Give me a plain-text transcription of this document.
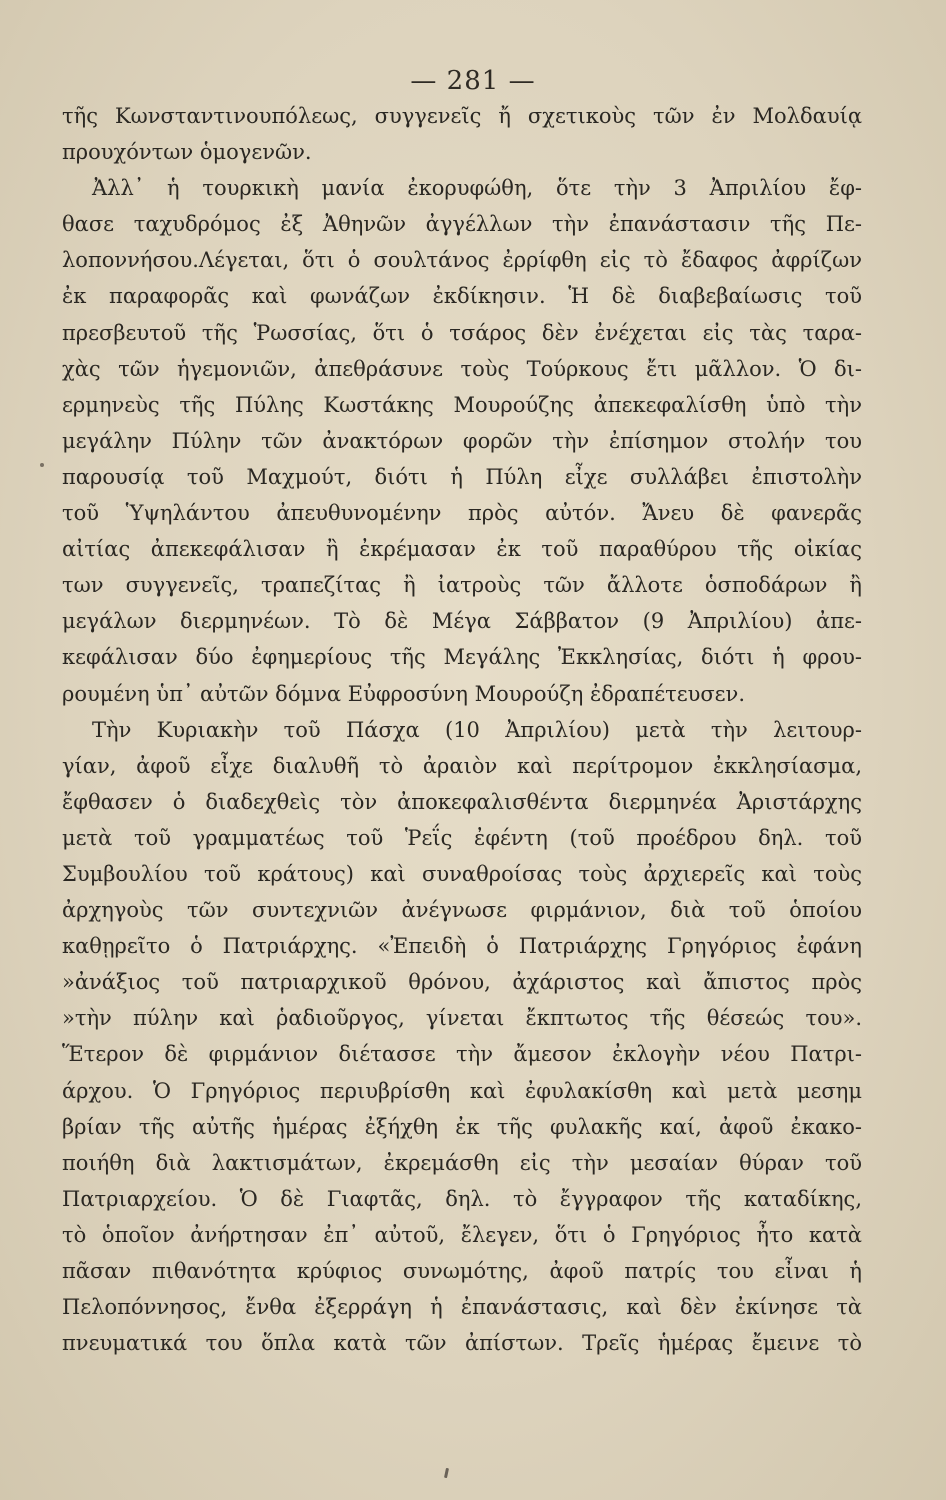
— 281 —
τῆς Κωνσταντινουπόλεως, συγγενεῖς ἤ σχετικοὺς τῶν ἐν Μολδαυίᾳ
προυχόντων ὁμογενῶν.
Ἀλλ᾽ ἡ τουρκικὴ μανία ἐκορυφώθη, ὅτε τὴν 3 Ἀπριλίου ἔφ-
θασε ταχυδρόμος ἐξ Ἀθηνῶν ἀγγέλλων τὴν ἐπανάστασιν τῆς Πε-
λοποννήσου.Λέγεται, ὅτι ὁ σουλτάνος ἐρρίφθη εἰς τὸ ἔδαφος ἀφρίζων
ἐκ παραφορᾶς καὶ φωνάζων ἐκδίκησιν. Ἡ δὲ διαβεβαίωσις τοῦ
πρεσβευτοῦ τῆς Ῥωσσίας, ὅτι ὁ τσάρος δὲν ἐνέχεται εἰς τὰς ταρα-
χὰς τῶν ἡγεμονιῶν, ἀπεθράσυνε τοὺς Τούρκους ἔτι μᾶλλον. Ὁ δι-
ερμηνεὺς τῆς Πύλης Κωστάκης Μουρούζης ἀπεκεφαλίσθη ὑπὸ τὴν
μεγάλην Πύλην τῶν ἀνακτόρων φορῶν τὴν ἐπίσημον στολήν του
παρουσίᾳ τοῦ Μαχμούτ, διότι ἡ Πύλη εἶχε συλλάβει ἐπιστολὴν
τοῦ Ὑψηλάντου ἀπευθυνομένην πρὸς αὐτόν. Ἄνευ δὲ φανερᾶς
αἰτίας ἀπεκεφάλισαν ἢ ἐκρέμασαν ἐκ τοῦ παραθύρου τῆς οἰκίας
των συγγενεῖς, τραπεζίτας ἢ ἰατροὺς τῶν ἄλλοτε ὁσποδάρων ἢ
μεγάλων διερμηνέων. Τὸ δὲ Μέγα Σάββατον (9 Ἀπριλίου) ἀπε-
κεφάλισαν δύο ἐφημερίους τῆς Μεγάλης Ἐκκλησίας, διότι ἡ φρου-
ρουμένη ὑπ᾽ αὐτῶν δόμνα Εὐφροσύνη Μουρούζη ἐδραπέτευσεν.
Τὴν Κυριακὴν τοῦ Πάσχα (10 Ἀπριλίου) μετὰ τὴν λειτουρ-
γίαν, ἀφοῦ εἶχε διαλυθῆ τὸ ἀραιὸν καὶ περίτρομον ἐκκλησίασμα,
ἔφθασεν ὁ διαδεχθεὶς τὸν ἀποκεφαλισθέντα διερμηνέα Ἀριστάρχης
μετὰ τοῦ γραμματέως τοῦ Ῥεΐς ἐφέντη (τοῦ προέδρου δηλ. τοῦ
Συμβουλίου τοῦ κράτους) καὶ συναθροίσας τοὺς ἀρχιερεῖς καὶ τοὺς
ἀρχηγοὺς τῶν συντεχνιῶν ἀνέγνωσε φιρμάνιον, διὰ τοῦ ὁποίου
καθῃρεῖτο ὁ Πατριάρχης. «Ἐπειδὴ ὁ Πατριάρχης Γρηγόριος ἐφάνη
»ἀνάξιος τοῦ πατριαρχικοῦ θρόνου, ἀχάριστος καὶ ἄπιστος πρὸς
»τὴν πύλην καὶ ῥαδιοῦργος, γίνεται ἔκπτωτος τῆς θέσεώς του».
Ἕτερον δὲ φιρμάνιον διέτασσε τὴν ἄμεσον ἐκλογὴν νέου Πατρι-
άρχου. Ὁ Γρηγόριος περιυβρίσθη καὶ ἐφυλακίσθη καὶ μετὰ μεσημ
βρίαν τῆς αὐτῆς ἡμέρας ἐξήχθη ἐκ τῆς φυλακῆς καί, ἀφοῦ ἐκακο-
ποιήθη διὰ λακτισμάτων, ἐκρεμάσθη εἰς τὴν μεσαίαν θύραν τοῦ
Πατριαρχείου. Ὁ δὲ Γιαφτᾶς, δηλ. τὸ ἔγγραφον τῆς καταδίκης,
τὸ ὁποῖον ἀνήρτησαν ἐπ᾽ αὐτοῦ, ἔλεγεν, ὅτι ὁ Γρηγόριος ἦτο κατὰ
πᾶσαν πιθανότητα κρύφιος συνωμότης, ἀφοῦ πατρίς του εἶναι ἡ
Πελοπόννησος, ἔνθα ἐξερράγη ἡ ἐπανάστασις, καὶ δὲν ἐκίνησε τὰ
πνευματικά του ὅπλα κατὰ τῶν ἀπίστων. Τρεῖς ἡμέρας ἔμεινε τὸ
